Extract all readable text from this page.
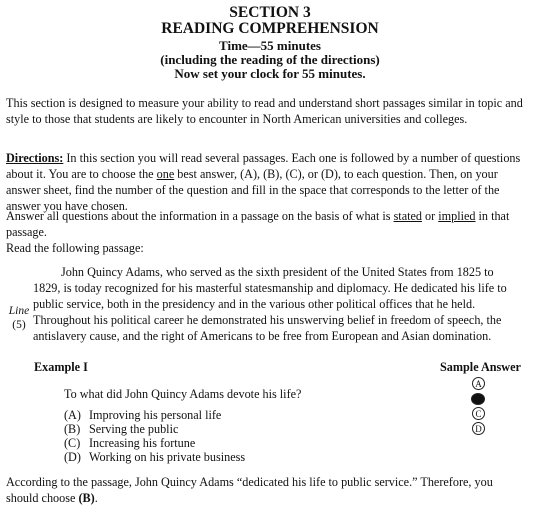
SECTION 3
READING COMPREHENSION
Time—55 minutes
(including the reading of the directions)
Now set your clock for 55 minutes.
This section is designed to measure your ability to read and understand short passages similar in topic and style to those that students are likely to encounter in North American universities and colleges.
Directions: In this section you will read several passages. Each one is followed by a number of questions about it. You are to choose the one best answer, (A), (B), (C), or (D), to each question. Then, on your answer sheet, find the number of the question and fill in the space that corresponds to the letter of the answer you have chosen.
Answer all questions about the information in a passage on the basis of what is stated or implied in that passage.
Read the following passage:
John Quincy Adams, who served as the sixth president of the United States from 1825 to 1829, is today recognized for his masterful statesmanship and diplomacy. He dedicated his life to public service, both in the presidency and in the various other political offices that he held. Throughout his political career he demonstrated his unswerving belief in freedom of speech, the antislavery cause, and the right of Americans to be free from European and Asian domination.
Line
(5)
Example I	Sample Answer
To what did John Quincy Adams devote his life?
(A) Improving his personal life
(B) Serving the public
(C) Increasing his fortune
(D) Working on his private business
A
C
D
According to the passage, John Quincy Adams “dedicated his life to public service.” Therefore, you should choose (B).
